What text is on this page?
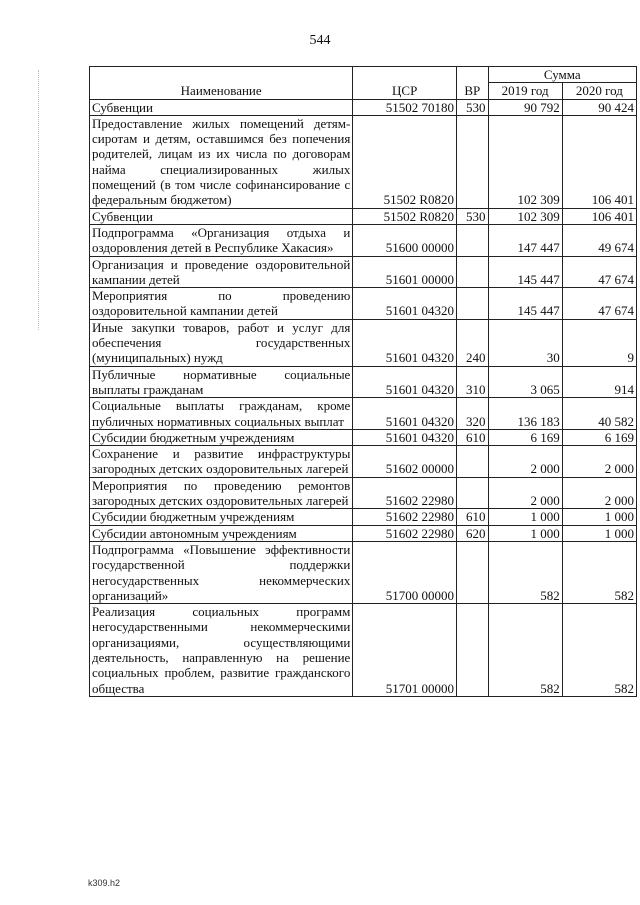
544
Наименование	ЦСР	ВР	Сумма	
			2019 год	2020 год
Субвенции	51502 70180	530	90 792	90 424
Предоставление жилых помещений детям-сиротам и детям, оставшимся без попечения родителей, лицам из их числа по договорам найма специализированных жилых помещений (в том числе софинансирование с федеральным бюджетом)	51502 R0820		102 309	106 401
Субвенции	51502 R0820	530	102 309	106 401
Подпрограмма «Организация отдыха и оздоровления детей в Республике Хакасия»	51600 00000		147 447	49 674
Организация и проведение оздоровительной кампании детей	51601 00000		145 447	47 674
Мероприятия по проведению оздоровительной кампании детей	51601 04320		145 447	47 674
Иные закупки товаров, работ и услуг для обеспечения государственных (муниципальных) нужд	51601 04320	240	30	9
Публичные нормативные социальные выплаты гражданам	51601 04320	310	3 065	914
Социальные выплаты гражданам, кроме публичных нормативных социальных выплат	51601 04320	320	136 183	40 582
Субсидии бюджетным учреждениям	51601 04320	610	6 169	6 169
Сохранение и развитие инфраструктуры загородных детских оздоровительных лагерей	51602 00000		2 000	2 000
Мероприятия по проведению ремонтов загородных детских оздоровительных лагерей	51602 22980		2 000	2 000
Субсидии бюджетным учреждениям	51602 22980	610	1 000	1 000
Субсидии автономным учреждениям	51602 22980	620	1 000	1 000
Подпрограмма «Повышение эффективности государственной поддержки негосударственных некоммерческих организаций»	51700 00000		582	582
Реализация социальных программ негосударственными некоммерческими организациями, осуществляющими деятельность, направленную на решение социальных проблем, развитие гражданского общества	51701 00000		582	582
k309.h2
